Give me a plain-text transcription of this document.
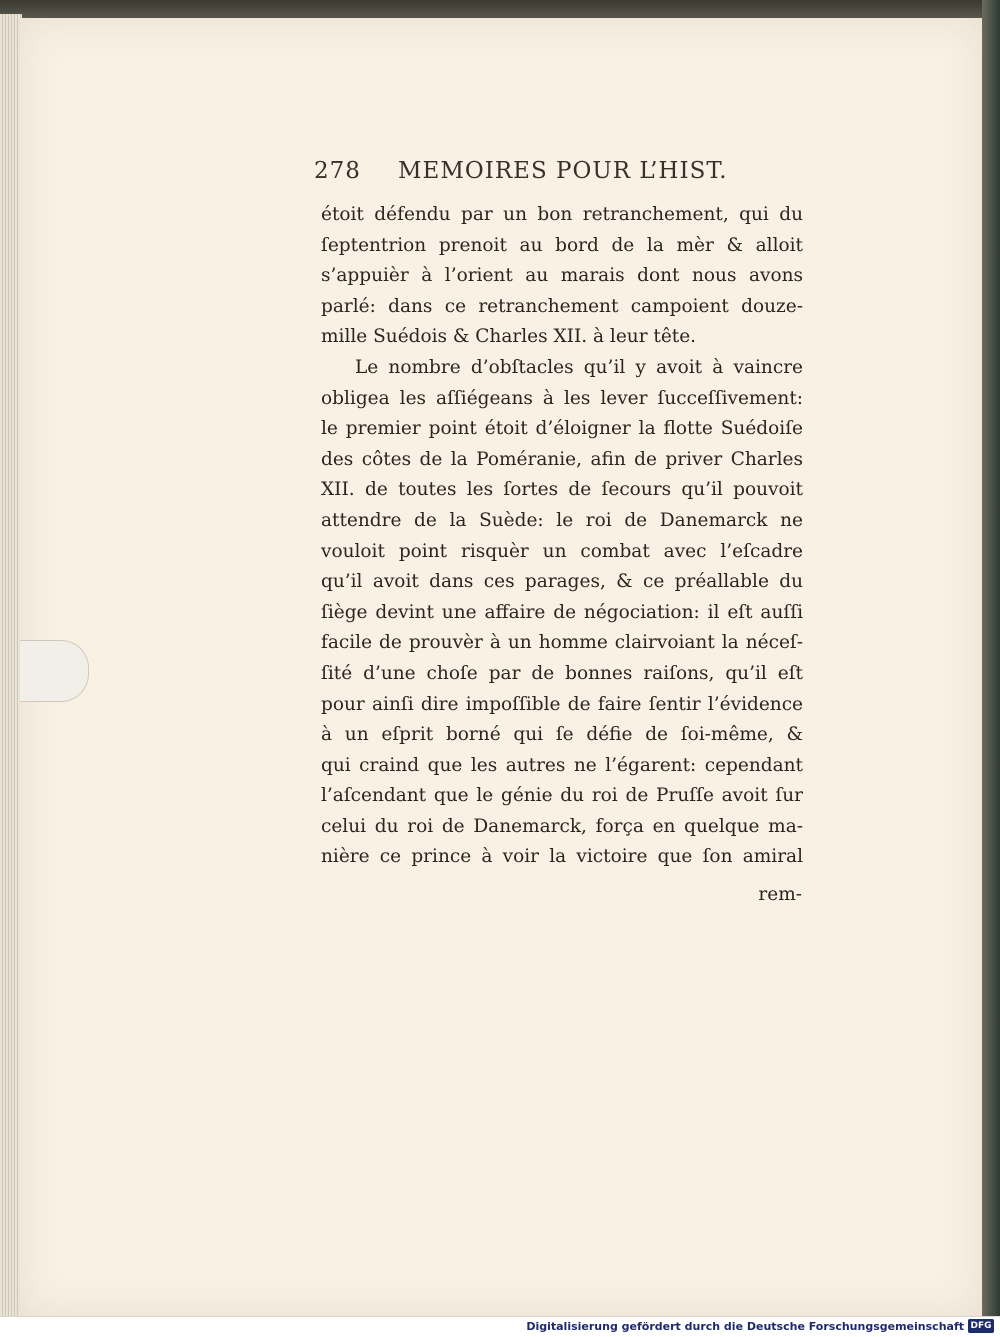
278 MEMOIRES POUR L’HIST.

étoit défendu par un bon retranchement, qui du

ſeptentrion prenoit au bord de la mèr & alloit

s’appuièr à l’orient au marais dont nous avons

parlé: dans ce retranchement campoient douze-

mille Suédois & Charles XII. à leur tête.

Le nombre d’obſtacles qu’il y avoit à vaincre

obligea les aſſiégeans à les lever ſucceſſivement:

le premier point étoit d’éloigner la flotte Suédoiſe

des côtes de la Poméranie, afin de priver Charles

XII. de toutes les ſortes de ſecours qu’il pouvoit

attendre de la Suède: le roi de Danemarck ne

vouloit point risquèr un combat avec l’eſcadre

qu’il avoit dans ces parages, & ce préallable du

ſiège devint une affaire de négociation: il eſt auſſi

facile de prouvèr à un homme clairvoiant la néceſ-

ſité d’une choſe par de bonnes raiſons, qu’il eſt

pour ainſi dire impoſſible de faire ſentir l’évidence

à un eſprit borné qui ſe défie de ſoi-même, &

qui craind que les autres ne l’égarent: cependant

l’aſcendant que le génie du roi de Pruſſe avoit ſur

celui du roi de Danemarck, força en quelque ma-

nière ce prince à voir la victoire que ſon amiral

rem-
Digitalisierung gefördert durch die Deutsche Forschungsgemeinschaft DFG
